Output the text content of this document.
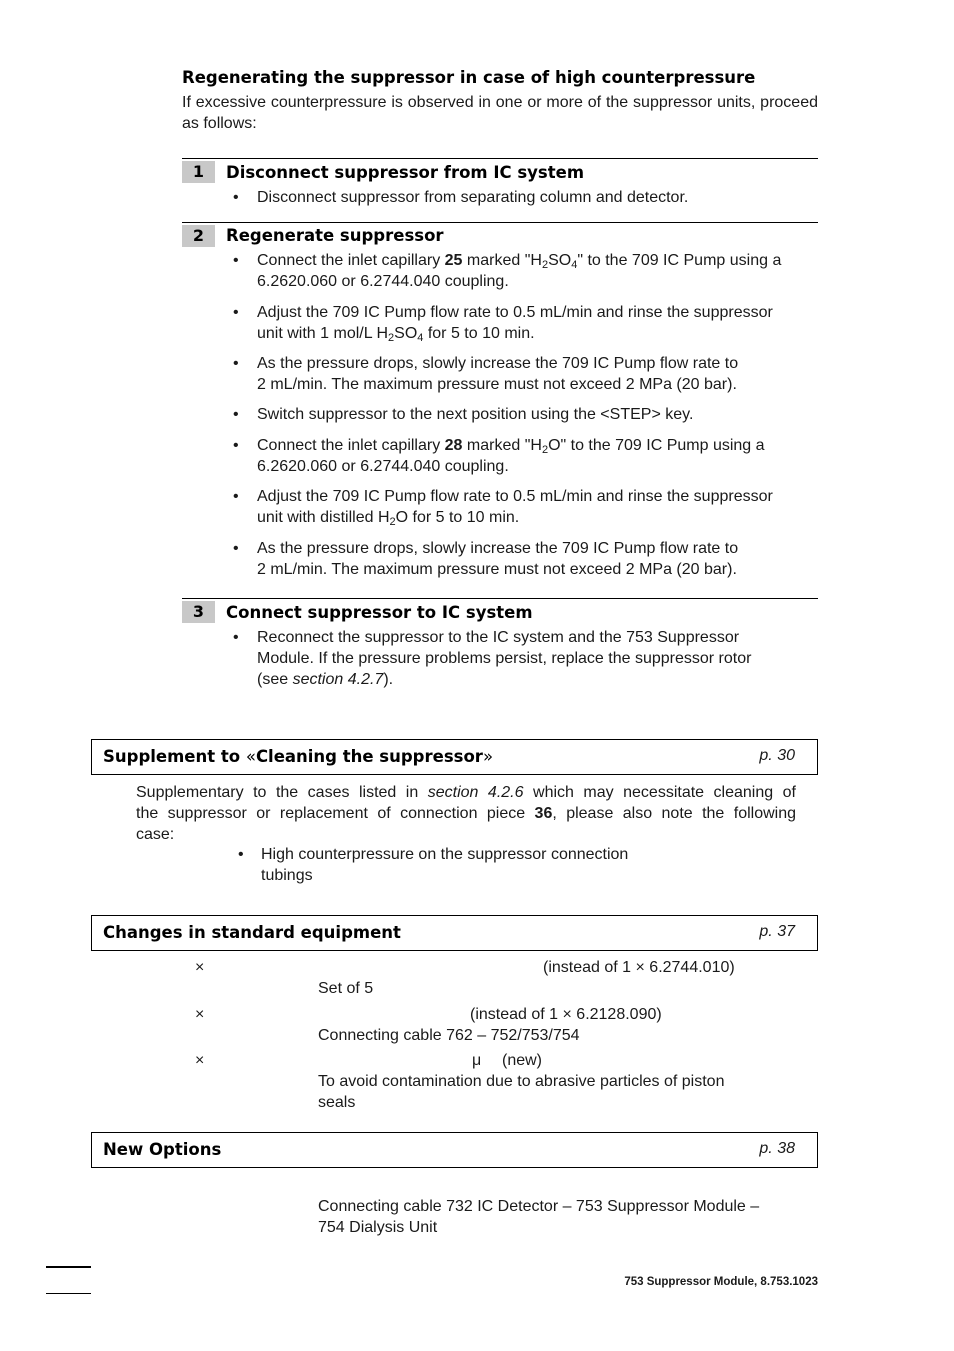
Regenerating the suppressor in case of high counterpressure
If excessive counterpressure is observed in one or more of the suppressor units, proceed as follows:
1	Disconnect suppressor from IC system
• Disconnect suppressor from separating column and detector.
2	Regenerate suppressor
• Connect the inlet capillary 25 marked "$H_2SO_4$" to the 709 IC Pump using a
6.2620.060 or 6.2744.040 coupling.
• Adjust the 709 IC Pump flow rate to 0.5 mL/min and rinse the suppressor
unit with 1 mol/L $H_2SO_4$ for 5 to 10 min.
• As the pressure drops, slowly increase the 709 IC Pump flow rate to
2 mL/min. The maximum pressure must not exceed 2 MPa (20 bar).
• Switch suppressor to the next position using the <STEP> key.
• Connect the inlet capillary 28 marked "$H_2O$" to the 709 IC Pump using a
6.2620.060 or 6.2744.040 coupling.
• Adjust the 709 IC Pump flow rate to 0.5 mL/min and rinse the suppressor
unit with distilled $H_2O$ for 5 to 10 min.
• As the pressure drops, slowly increase the 709 IC Pump flow rate to
2 mL/min. The maximum pressure must not exceed 2 MPa (20 bar).
3	Connect suppressor to IC system
• Reconnect the suppressor to the IC system and the 753 Suppressor
Module. If the pressure problems persist, replace the suppressor rotor
(see section 4.2.7).
Supplement to «Cleaning the suppressor»	p. 30
Supplementary to the cases listed in section 4.2.6 which may necessitate cleaning of
the suppressor or replacement of connection piece 36, please also note the following
case:
• High counterpressure on the suppressor connection
tubings
Changes in standard equipment	p. 37
×	(instead of 1 × 6.2744.010)
Set of 5
×	(instead of 1 × 6.2128.090)
Connecting cable 762 – 752/753/754
×	μ (new)
To avoid contamination due to abrasive particles of piston
seals
New Options	p. 38
Connecting cable 732 IC Detector – 753 Suppressor Module –
754 Dialysis Unit
753 Suppressor Module, 8.753.1023
